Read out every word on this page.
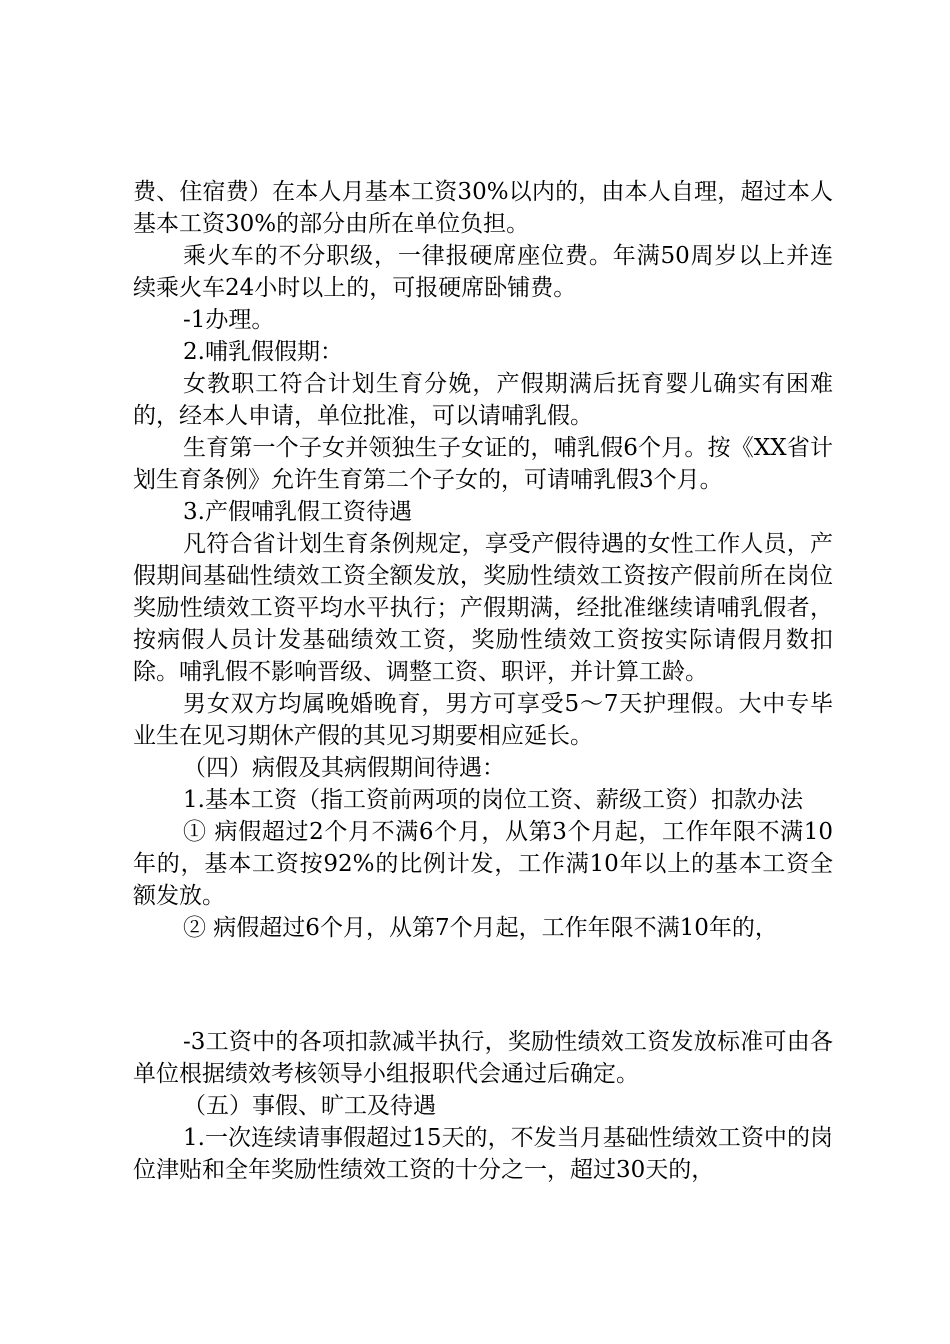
费、住宿费）在本人月基本工资30%以内的，由本人自理，超过本人基本工资30%的部分由所在单位负担。

乘火车的不分职级，一律报硬席座位费。年满50周岁以上并连续乘火车24小时以上的，可报硬席卧铺费。

-1办理。

2.哺乳假假期：

女教职工符合计划生育分娩，产假期满后抚育婴儿确实有困难的，经本人申请，单位批准，可以请哺乳假。

生育第一个子女并领独生子女证的，哺乳假6个月。按《XX省计划生育条例》允许生育第二个子女的，可请哺乳假3个月。

3.产假哺乳假工资待遇

凡符合省计划生育条例规定，享受产假待遇的女性工作人员，产假期间基础性绩效工资全额发放，奖励性绩效工资按产假前所在岗位奖励性绩效工资平均水平执行；产假期满，经批准继续请哺乳假者，按病假人员计发基础绩效工资，奖励性绩效工资按实际请假月数扣除。哺乳假不影响晋级、调整工资、职评，并计算工龄。

男女双方均属晚婚晚育，男方可享受5～7天护理假。大中专毕业生在见习期休产假的其见习期要相应延长。

（四）病假及其病假期间待遇：

1.基本工资（指工资前两项的岗位工资、薪级工资）扣款办法

① 病假超过2个月不满6个月，从第3个月起，工作年限不满10年的，基本工资按92%的比例计发，工作满10年以上的基本工资全额发放。

② 病假超过6个月，从第7个月起，工作年限不满10年的，

-3工资中的各项扣款减半执行，奖励性绩效工资发放标准可由各单位根据绩效考核领导小组报职代会通过后确定。

（五）事假、旷工及待遇

1.一次连续请事假超过15天的，不发当月基础性绩效工资中的岗位津贴和全年奖励性绩效工资的十分之一，超过30天的，
